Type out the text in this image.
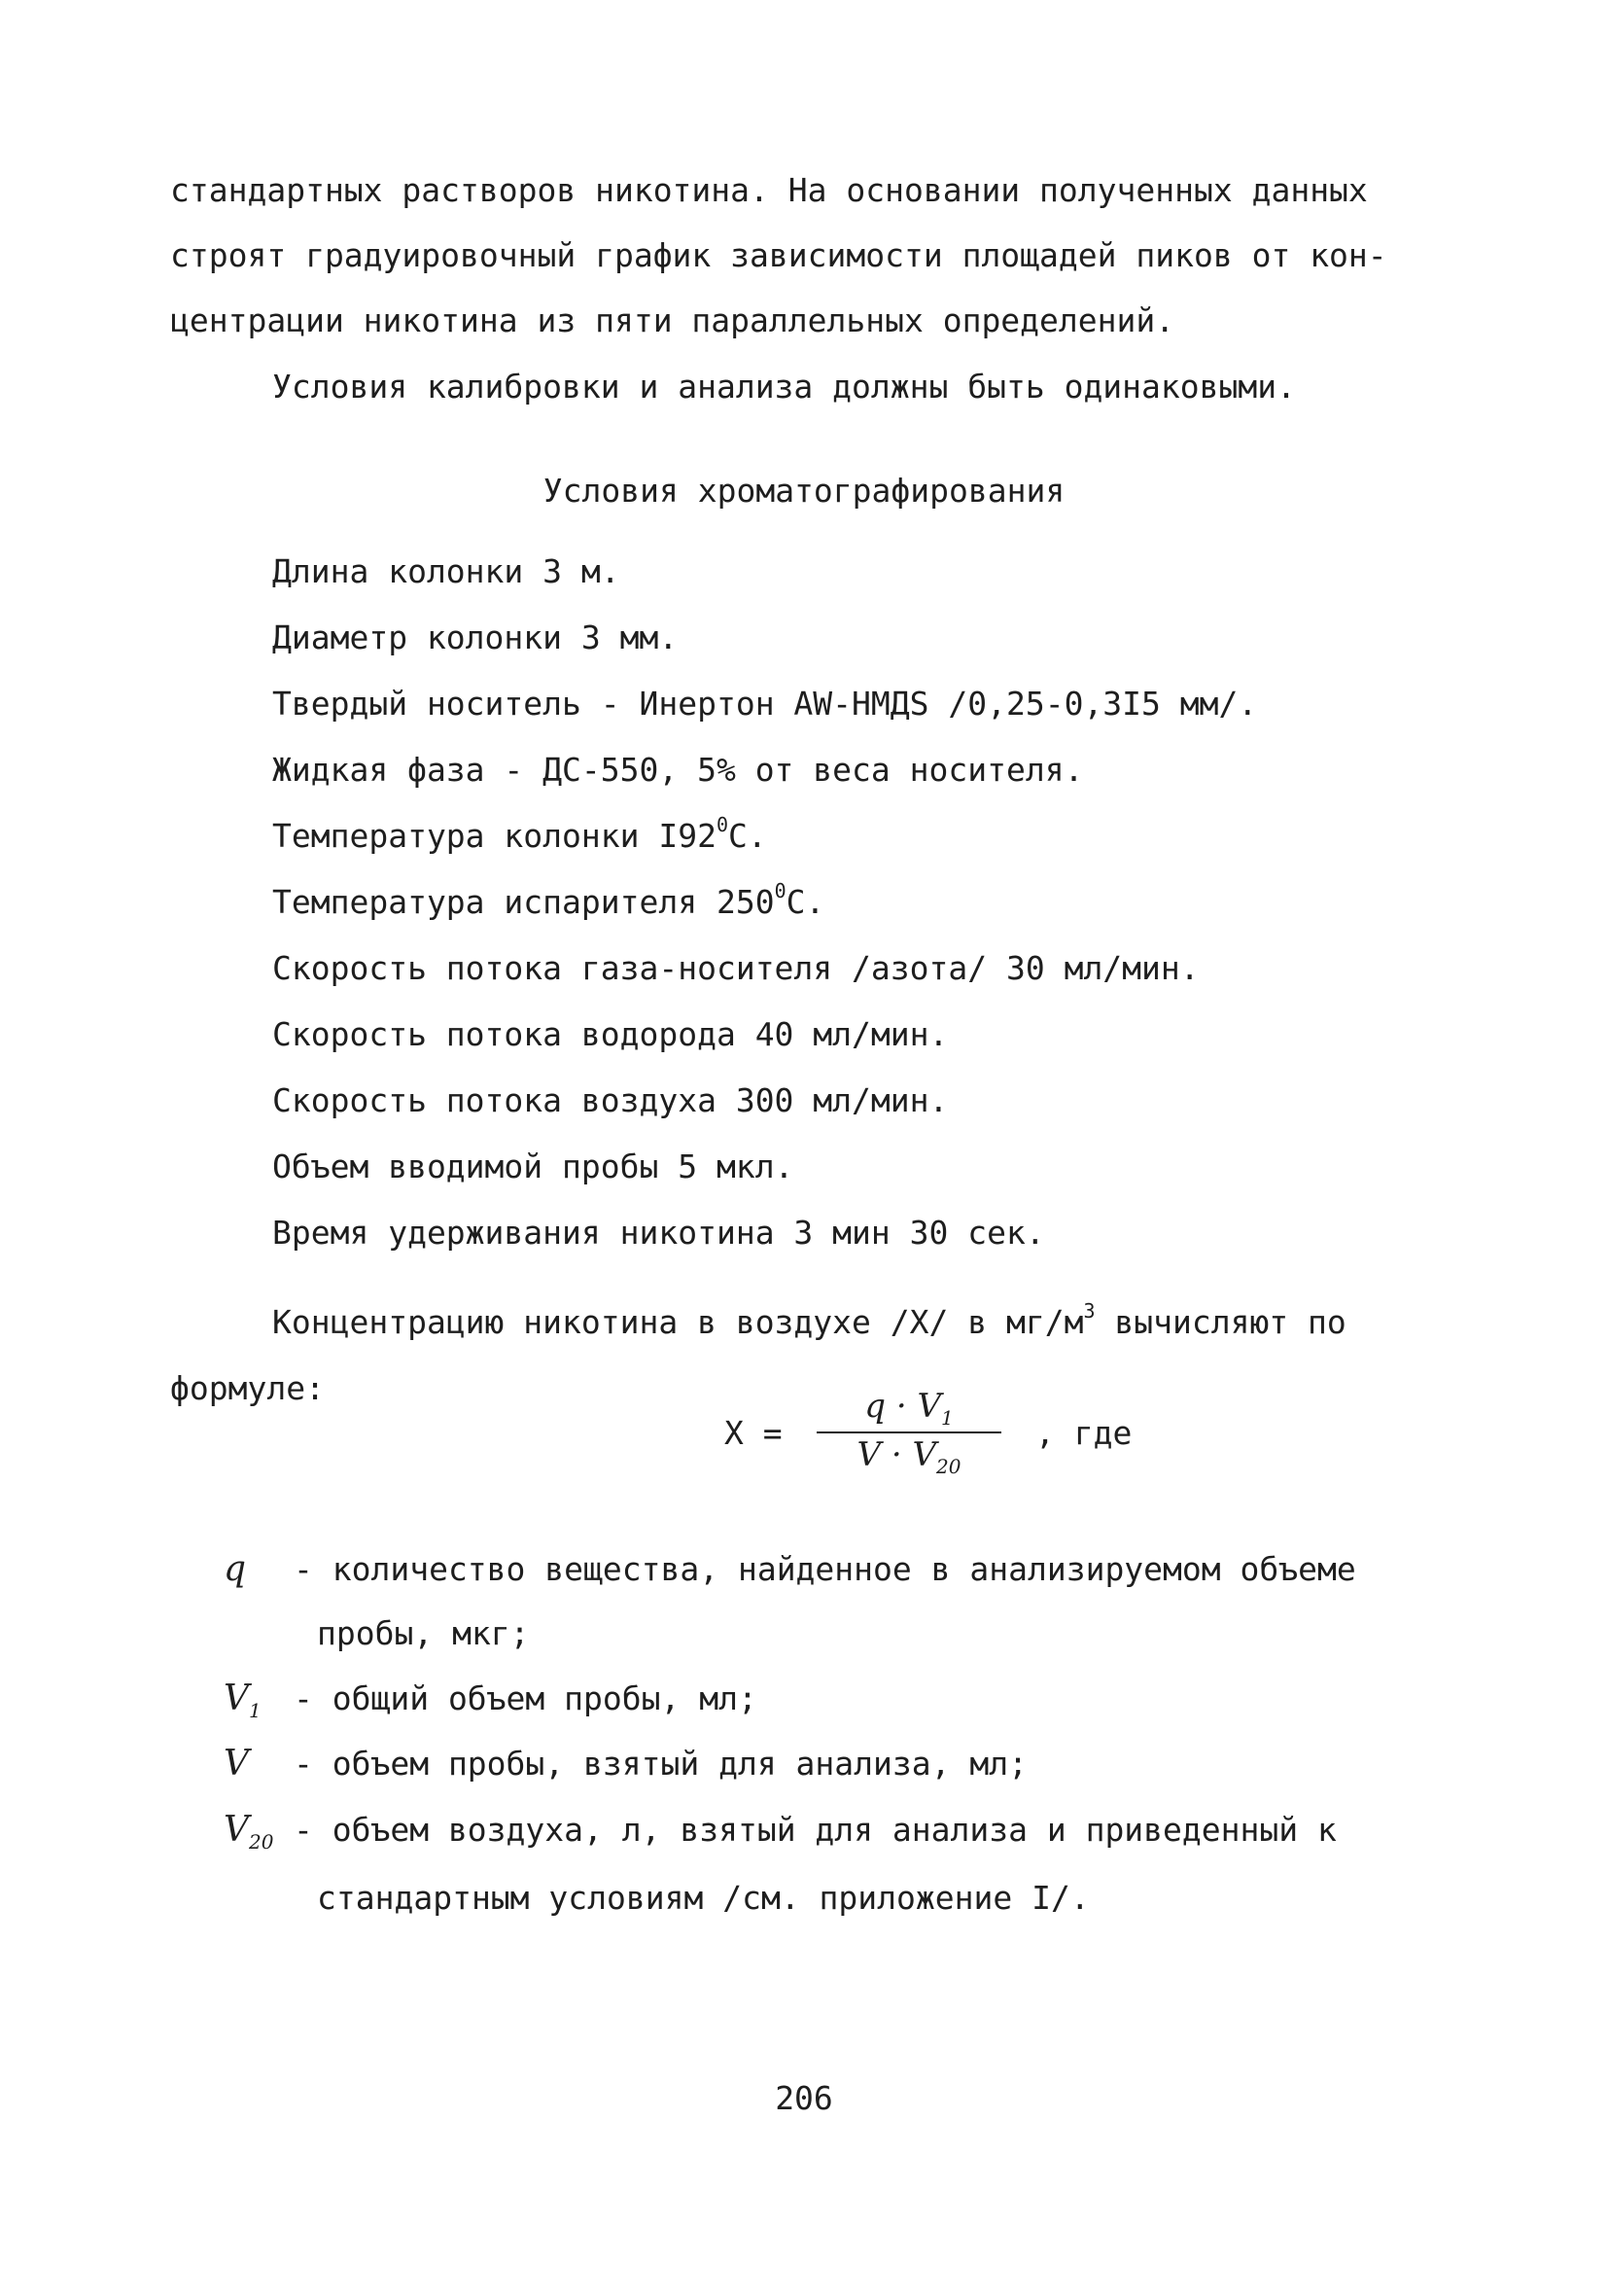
стандартных растворов никотина. На основании полученных данных
строят градуировочный график зависимости площадей пиков от кон-
центрации никотина из пяти параллельных определений.
Условия калибровки и анализа должны быть одинаковыми.
Условия хроматографирования
Длина колонки 3 м.
Диаметр колонки 3 мм.
Твердый носитель - Инертон AW-HMДS /0,25-0,3I5 мм/.
Жидкая фаза - ДС-550, 5% от веса носителя.
Температура колонки $I92^0С$.
Температура испарителя $250^0С$.
Скорость потока газа-носителя /азота/ 30 мл/мин.
Скорость потока водорода 40 мл/мин.
Скорость потока воздуха 300 мл/мин.
Объем вводимой пробы 5 мкл.
Время удерживания никотина 3 мин 30 сек.
Концентрацию никотина в воздухе /X/ в $мг/м^3$ вычисляют по
формуле:
X =
$q \cdot V_1$
$V \cdot V_{20}$
, где
q - количество вещества, найденное в анализируемом объеме
пробы, мкг;
$V_1$ - общий объем пробы, мл;
V - объем пробы, взятый для анализа, мл;
$V_{20}$ - объем воздуха, л, взятый для анализа и приведенный к
стандартным условиям /см. приложение I/.
206
